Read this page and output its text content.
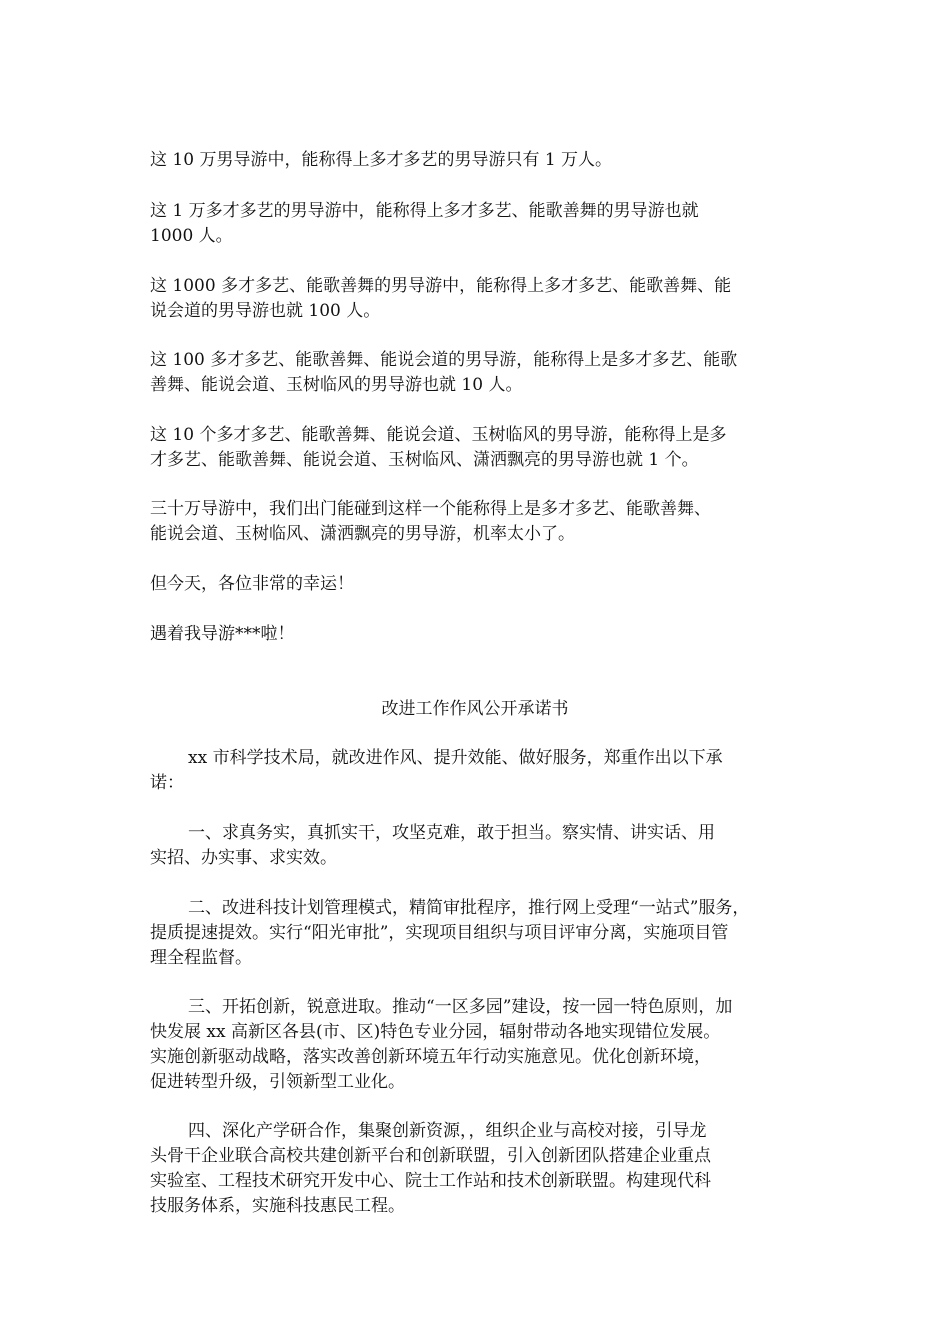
这 10 万男导游中，能称得上多才多艺的男导游只有 1 万人。
这 1 万多才多艺的男导游中，能称得上多才多艺、能歌善舞的男导游也就
1000 人。
这 1000 多才多艺、能歌善舞的男导游中，能称得上多才多艺、能歌善舞、能
说会道的男导游也就 100 人。
这 100 多才多艺、能歌善舞、能说会道的男导游，能称得上是多才多艺、能歌
善舞、能说会道、玉树临风的男导游也就 10 人。
这 10 个多才多艺、能歌善舞、能说会道、玉树临风的男导游，能称得上是多
才多艺、能歌善舞、能说会道、玉树临风、潇洒飘亮的男导游也就 1 个。
三十万导游中，我们出门能碰到这样一个能称得上是多才多艺、能歌善舞、
能说会道、玉树临风、潇洒飘亮的男导游，机率太小了。
但今天，各位非常的幸运！
遇着我导游***啦！
改进工作作风公开承诺书
xx 市科学技术局，就改进作风、提升效能、做好服务，郑重作出以下承
诺：
一、求真务实，真抓实干，攻坚克难，敢于担当。察实情、讲实话、用
实招、办实事、求实效。
二、改进科技计划管理模式，精简审批程序，推行网上受理“一站式”服务，
提质提速提效。实行“阳光审批”，实现项目组织与项目评审分离，实施项目管
理全程监督。
三、开拓创新，锐意进取。推动“一区多园”建设，按一园一特色原则，加
快发展 xx 高新区各县(市、区)特色专业分园，辐射带动各地实现错位发展。
实施创新驱动战略，落实改善创新环境五年行动实施意见。优化创新环境，
促进转型升级，引领新型工业化。
四、深化产学研合作，集聚创新资源，，组织企业与高校对接，引导龙
头骨干企业联合高校共建创新平台和创新联盟，引入创新团队搭建企业重点
实验室、工程技术研究开发中心、院士工作站和技术创新联盟。构建现代科
技服务体系，实施科技惠民工程。
